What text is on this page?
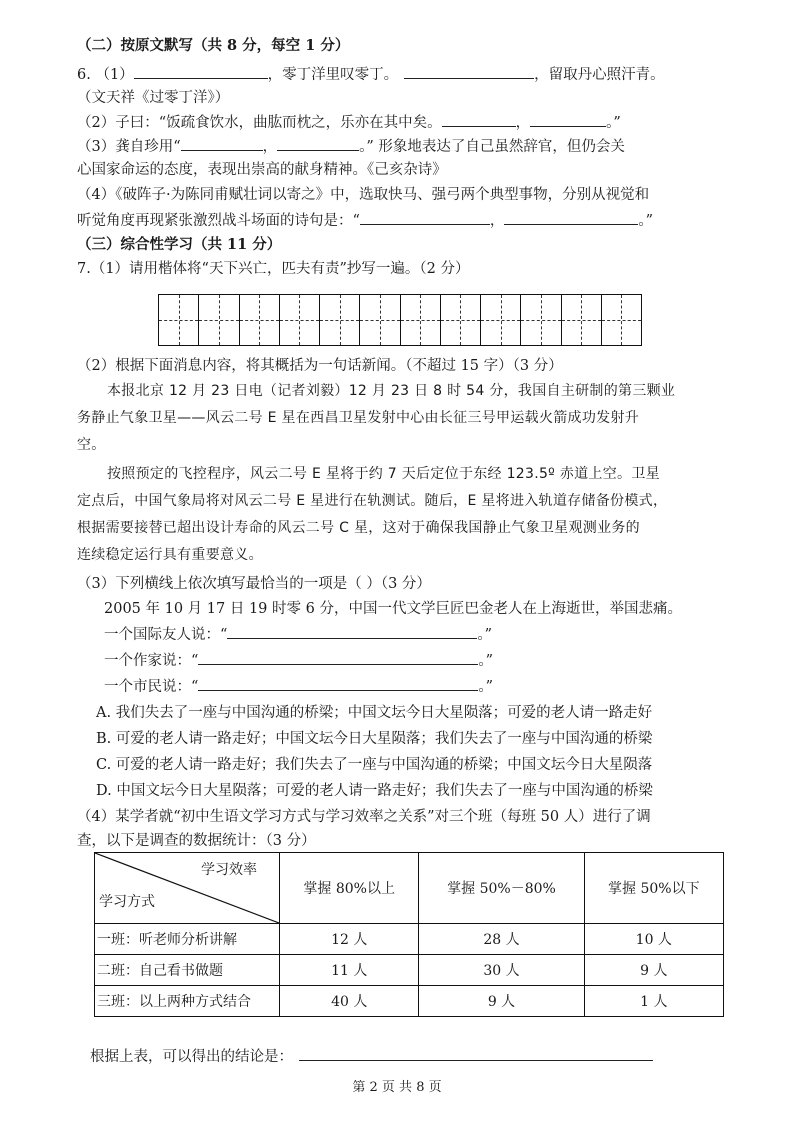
（二）按原文默写（共 8 分，每空 1 分）
6. （1）	，零丁洋里叹零丁。	，留取丹心照汗青。
（文天祥《过零丁洋》）
（2）子曰：“饭疏食饮水，曲肱而枕之，乐亦在其中矣。	，	。”
（3）龚自珍用“	，	。” 形象地表达了自己虽然辞官，但仍会关
心国家命运的态度，表现出崇高的献身精神。《己亥杂诗》
（4）《破阵子·为陈同甫赋壮词以寄之》中，选取快马、强弓两个典型事物，分别从视觉和
听觉角度再现紧张激烈战斗场面的诗句是：“	，	。”
（三）综合性学习（共 11 分）
7.（1）请用楷体将“天下兴亡，匹夫有责”抄写一遍。（2 分）
（2）根据下面消息内容，将其概括为一句话新闻。（不超过 15 字）（3 分）
本报北京 12 月 23 日电（记者刘毅）12 月 23 日 8 时 54 分，我国自主研制的第三颗业
务静止气象卫星——风云二号 E 星在西昌卫星发射中心由长征三号甲运载火箭成功发射升
空。
按照预定的飞控程序，风云二号 E 星将于约 7 天后定位于东经 123.5º 赤道上空。卫星
定点后，中国气象局将对风云二号 E 星进行在轨测试。随后，E 星将进入轨道存储备份模式，
根据需要接替已超出设计寿命的风云二号 C 星，这对于确保我国静止气象卫星观测业务的
连续稳定运行具有重要意义。
（3）下列横线上依次填写最恰当的一项是（ ）（3 分）
2005 年 10 月 17 日 19 时零 6 分，中国一代文学巨匠巴金老人在上海逝世，举国悲痛。
一个国际友人说：“	。”
一个作家说：“	。”
一个市民说：“	。”
A. 我们失去了一座与中国沟通的桥梁；中国文坛今日大星陨落；可爱的老人请一路走好
B. 可爱的老人请一路走好；中国文坛今日大星陨落；我们失去了一座与中国沟通的桥梁
C. 可爱的老人请一路走好；我们失去了一座与中国沟通的桥梁；中国文坛今日大星陨落
D. 中国文坛今日大星陨落；可爱的老人请一路走好；我们失去了一座与中国沟通的桥梁
（4）某学者就“初中生语文学习方式与学习效率之关系”对三个班（每班 50 人）进行了调
查，以下是调查的数据统计：（3 分）
学习效率
学习方式	掌握 80%以上	掌握 50%－80%	掌握 50%以下
一班：听老师分析讲解	12 人	28 人	10 人
二班：自己看书做题	11 人	30 人	9 人
三班：以上两种方式结合	40 人	9 人	1 人
根据上表，可以得出的结论是：
第 2 页 共 8 页
